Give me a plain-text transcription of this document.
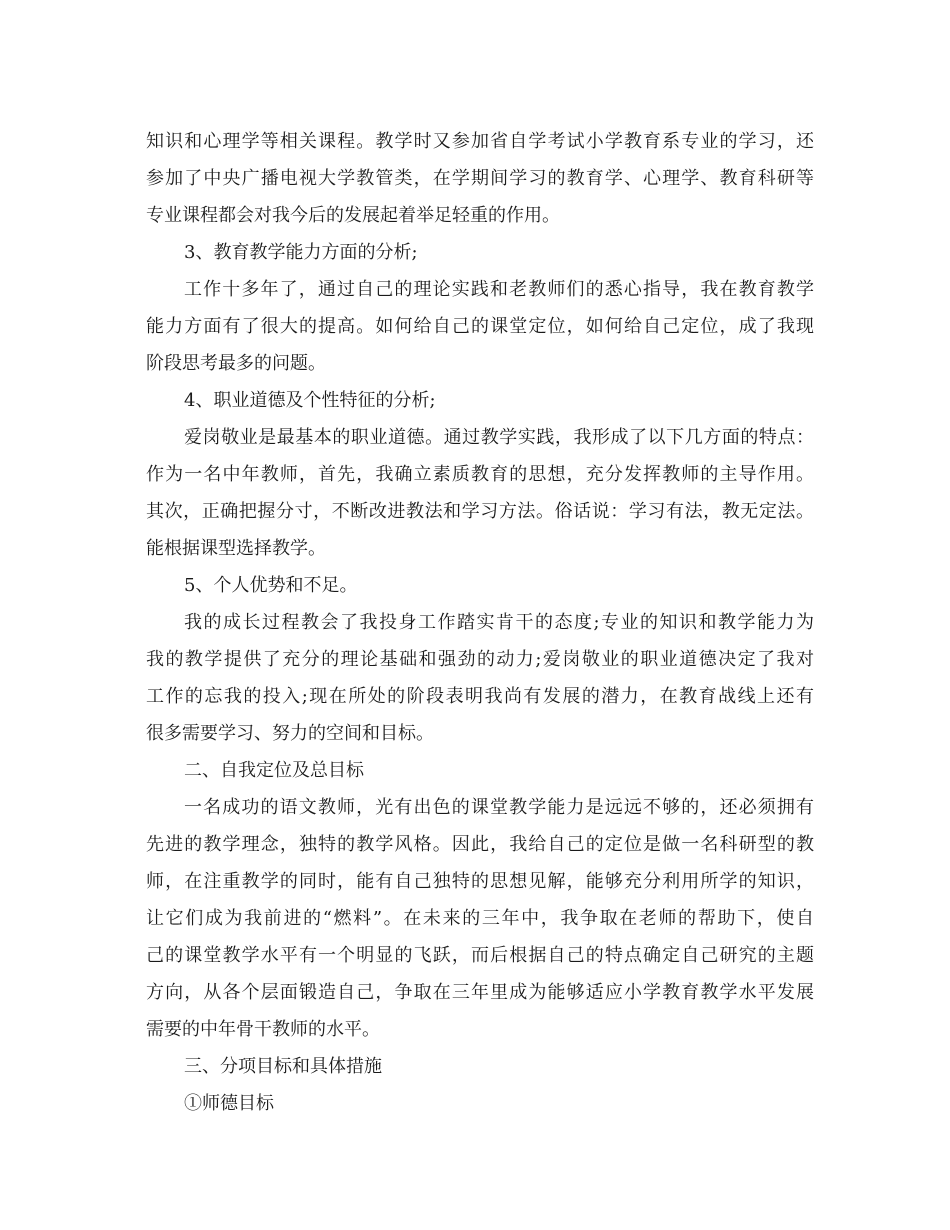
知识和心理学等相关课程。教学时又参加省自学考试小学教育系专业的学习，还
参加了中央广播电视大学教管类，在学期间学习的教育学、心理学、教育科研等
专业课程都会对我今后的发展起着举足轻重的作用。
3、教育教学能力方面的分析;
工作十多年了，通过自己的理论实践和老教师们的悉心指导，我在教育教学
能力方面有了很大的提高。如何给自己的课堂定位，如何给自己定位，成了我现
阶段思考最多的问题。
4、职业道德及个性特征的分析;
爱岗敬业是最基本的职业道德。通过教学实践，我形成了以下几方面的特点：
作为一名中年教师，首先，我确立素质教育的思想，充分发挥教师的主导作用。
其次，正确把握分寸，不断改进教法和学习方法。俗话说：学习有法，教无定法。
能根据课型选择教学。
5、个人优势和不足。
我的成长过程教会了我投身工作踏实肯干的态度;专业的知识和教学能力为
我的教学提供了充分的理论基础和强劲的动力;爱岗敬业的职业道德决定了我对
工作的忘我的投入;现在所处的阶段表明我尚有发展的潜力，在教育战线上还有
很多需要学习、努力的空间和目标。
二、自我定位及总目标
一名成功的语文教师，光有出色的课堂教学能力是远远不够的，还必须拥有
先进的教学理念，独特的教学风格。因此，我给自己的定位是做一名科研型的教
师，在注重教学的同时，能有自己独特的思想见解，能够充分利用所学的知识，
让它们成为我前进的“燃料”。在未来的三年中，我争取在老师的帮助下，使自
己的课堂教学水平有一个明显的飞跃，而后根据自己的特点确定自己研究的主题
方向，从各个层面锻造自己，争取在三年里成为能够适应小学教育教学水平发展
需要的中年骨干教师的水平。
三、分项目标和具体措施
①师德目标
